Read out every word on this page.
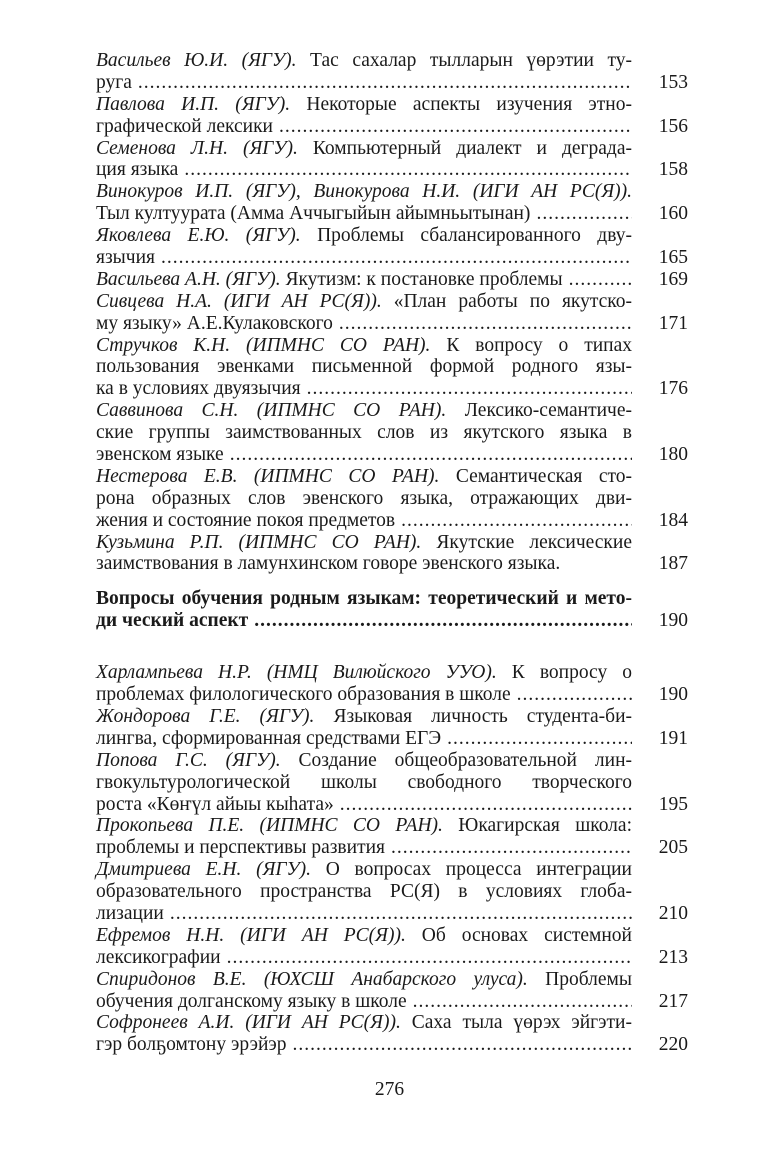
Васильев Ю.И. (ЯГУ). Тас сахалар тылларын үөрэтии ту-
руга .....	153
Павлова И.П. (ЯГУ). Некоторые аспекты изучения этно-
графической лексики .....	156
Семенова Л.Н. (ЯГУ). Компьютерный диалект и деграда-
ция языка .....	158
Винокуров И.П. (ЯГУ), Винокурова Н.И. (ИГИ АН РС(Я)).
Тыл култуурата (Амма Аччыгыйын айымньытынан) .....	160
Яковлева Е.Ю. (ЯГУ). Проблемы сбалансированного дву-
язычия .....	165
Васильева А.Н. (ЯГУ). Якутизм: к постановке проблемы .....	169
Сивцева Н.А. (ИГИ АН РС(Я)). «План работы по якутско-
му языку» А.Е.Кулаковского .....	171
Стручков К.Н. (ИПМНС СО РАН). К вопросу о типах
пользования эвенками письменной формой родного язы-
ка в условиях двуязычия .....	176
Саввинова С.Н. (ИПМНС СО РАН). Лексико-семантиче-
ские группы заимствованных слов из якутского языка в
эвенском языке .....	180
Нестерова Е.В. (ИПМНС СО РАН). Семантическая сто-
рона образных слов эвенского языка, отражающих дви-
жения и состояние покоя предметов .....	184
Кузьмина Р.П. (ИПМНС СО РАН). Якутские лексические
заимствования в ламунхинском говоре эвенского языка.	187
Вопросы обучения родным языкам: теоретический и мето-
ди ческий аспект .....	190
Харлампьева Н.Р. (НМЦ Вилюйского УУО). К вопросу о
проблемах филологического образования в школе .....	190
Жондорова Г.Е. (ЯГУ). Языковая личность студента-би-
лингва, сформированная средствами ЕГЭ .....	191
Попова Г.С. (ЯГУ). Создание общеобразовательной лин-
гвокультурологической школы свободного творческого
роста «Көҥүл айыы кыһата» .....	195
Прокопьева П.Е. (ИПМНС СО РАН). Юкагирская школа:
проблемы и перспективы развития .....	205
Дмитриева Е.Н. (ЯГУ). О вопросах процесса интеграции
образовательного пространства РС(Я) в условиях глоба-
лизации .....	210
Ефремов Н.Н. (ИГИ АН РС(Я)). Об основах системной
лексикографии .....	213
Спиридонов В.Е. (ЮХСШ Анабарского улуса). Проблемы
обучения долганскому языку в школе .....	217
Софронеев А.И. (ИГИ АН РС(Я)). Саха тыла үөрэх эйгэти-
гэр болҕомтону эрэйэр .....	220
276
